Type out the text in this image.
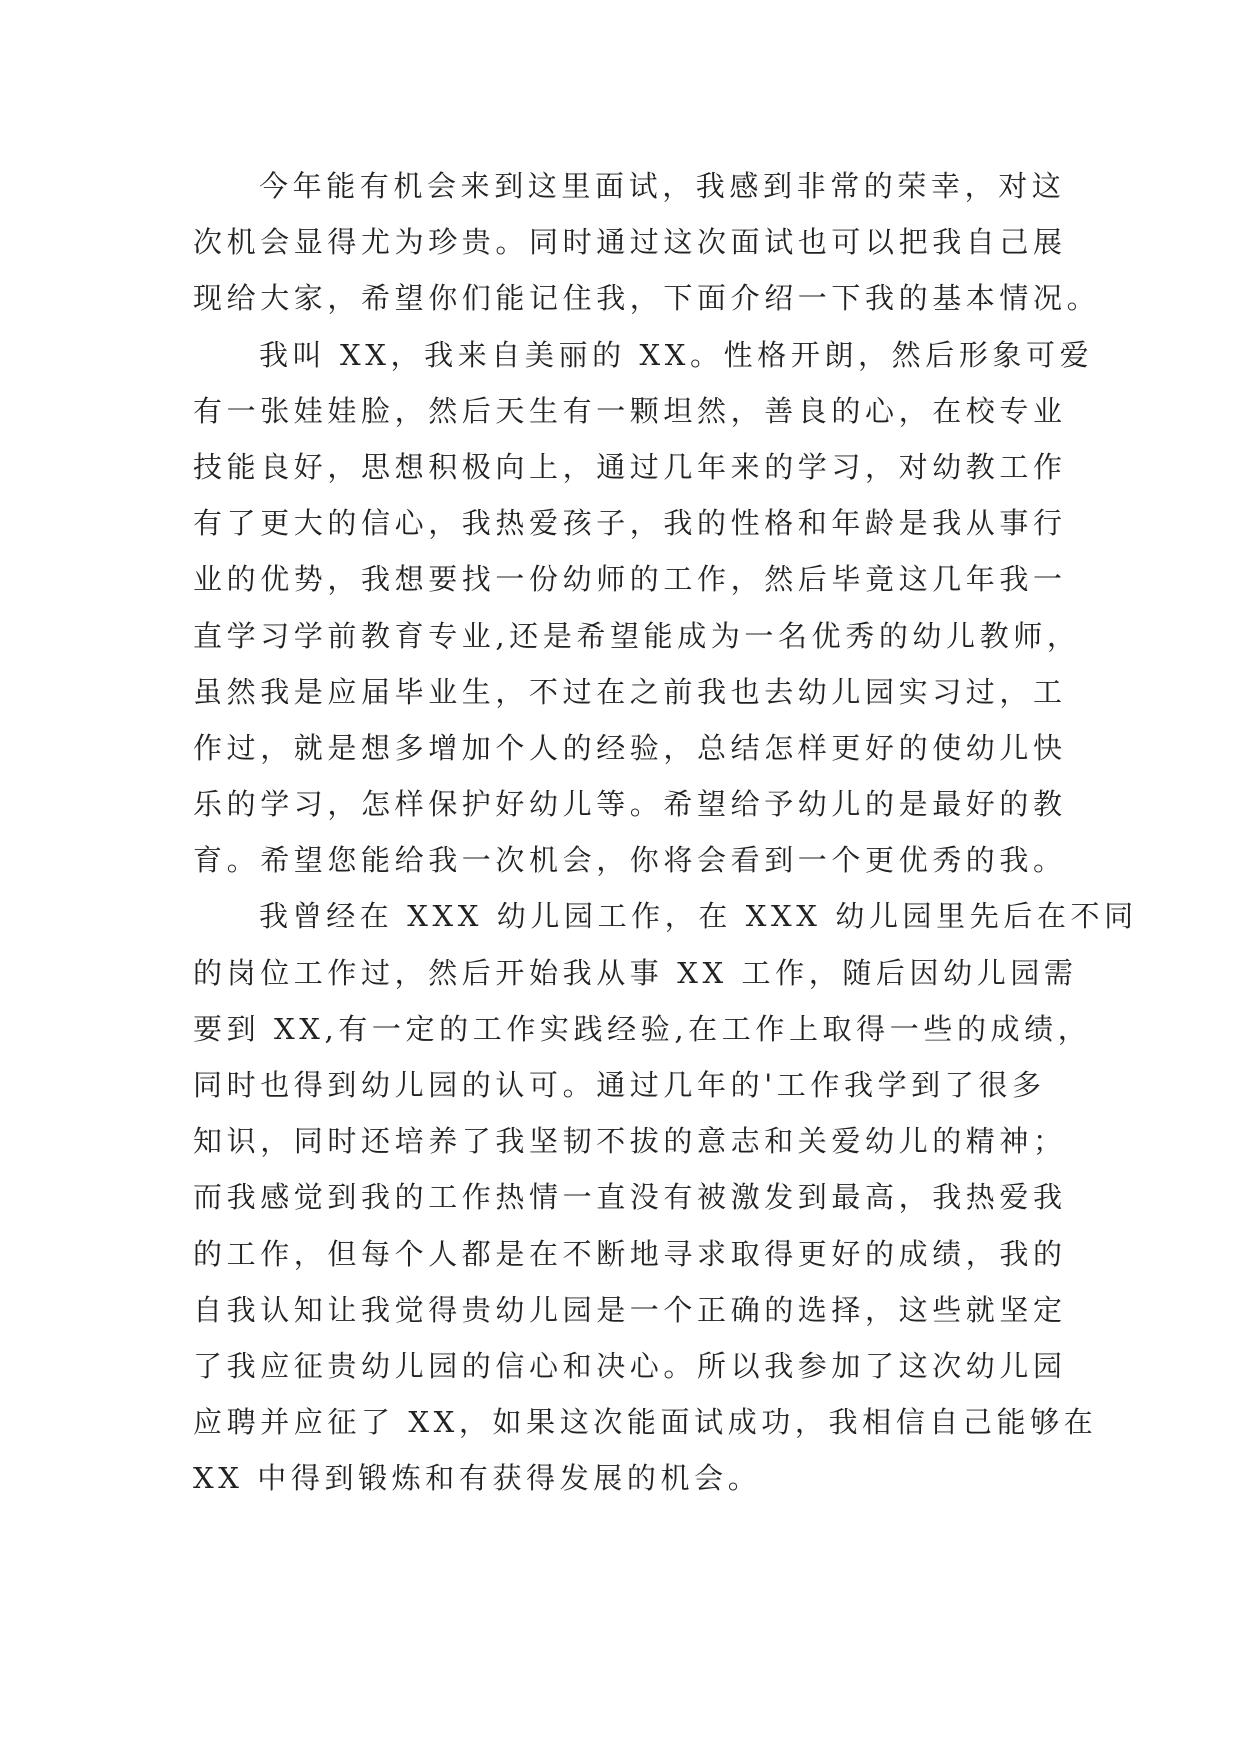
今年能有机会来到这里面试，我感到非常的荣幸，对这
次机会显得尤为珍贵。同时通过这次面试也可以把我自己展
现给大家，希望你们能记住我，下面介绍一下我的基本情况。
我叫 XX，我来自美丽的 XX。性格开朗，然后形象可爱
有一张娃娃脸，然后天生有一颗坦然，善良的心，在校专业
技能良好，思想积极向上，通过几年来的学习，对幼教工作
有了更大的信心，我热爱孩子，我的性格和年龄是我从事行
业的优势，我想要找一份幼师的工作，然后毕竟这几年我一
直学习学前教育专业,还是希望能成为一名优秀的幼儿教师，
虽然我是应届毕业生，不过在之前我也去幼儿园实习过，工
作过，就是想多增加个人的经验，总结怎样更好的使幼儿快
乐的学习，怎样保护好幼儿等。希望给予幼儿的是最好的教
育。希望您能给我一次机会，你将会看到一个更优秀的我。
我曾经在 XXX 幼儿园工作，在 XXX 幼儿园里先后在不同
的岗位工作过，然后开始我从事 XX 工作，随后因幼儿园需
要到 XX,有一定的工作实践经验,在工作上取得一些的成绩，
同时也得到幼儿园的认可。通过几年的'工作我学到了很多
知识，同时还培养了我坚韧不拔的意志和关爱幼儿的精神；
而我感觉到我的工作热情一直没有被激发到最高，我热爱我
的工作，但每个人都是在不断地寻求取得更好的成绩，我的
自我认知让我觉得贵幼儿园是一个正确的选择，这些就坚定
了我应征贵幼儿园的信心和决心。所以我参加了这次幼儿园
应聘并应征了 XX，如果这次能面试成功，我相信自己能够在
XX 中得到锻炼和有获得发展的机会。
